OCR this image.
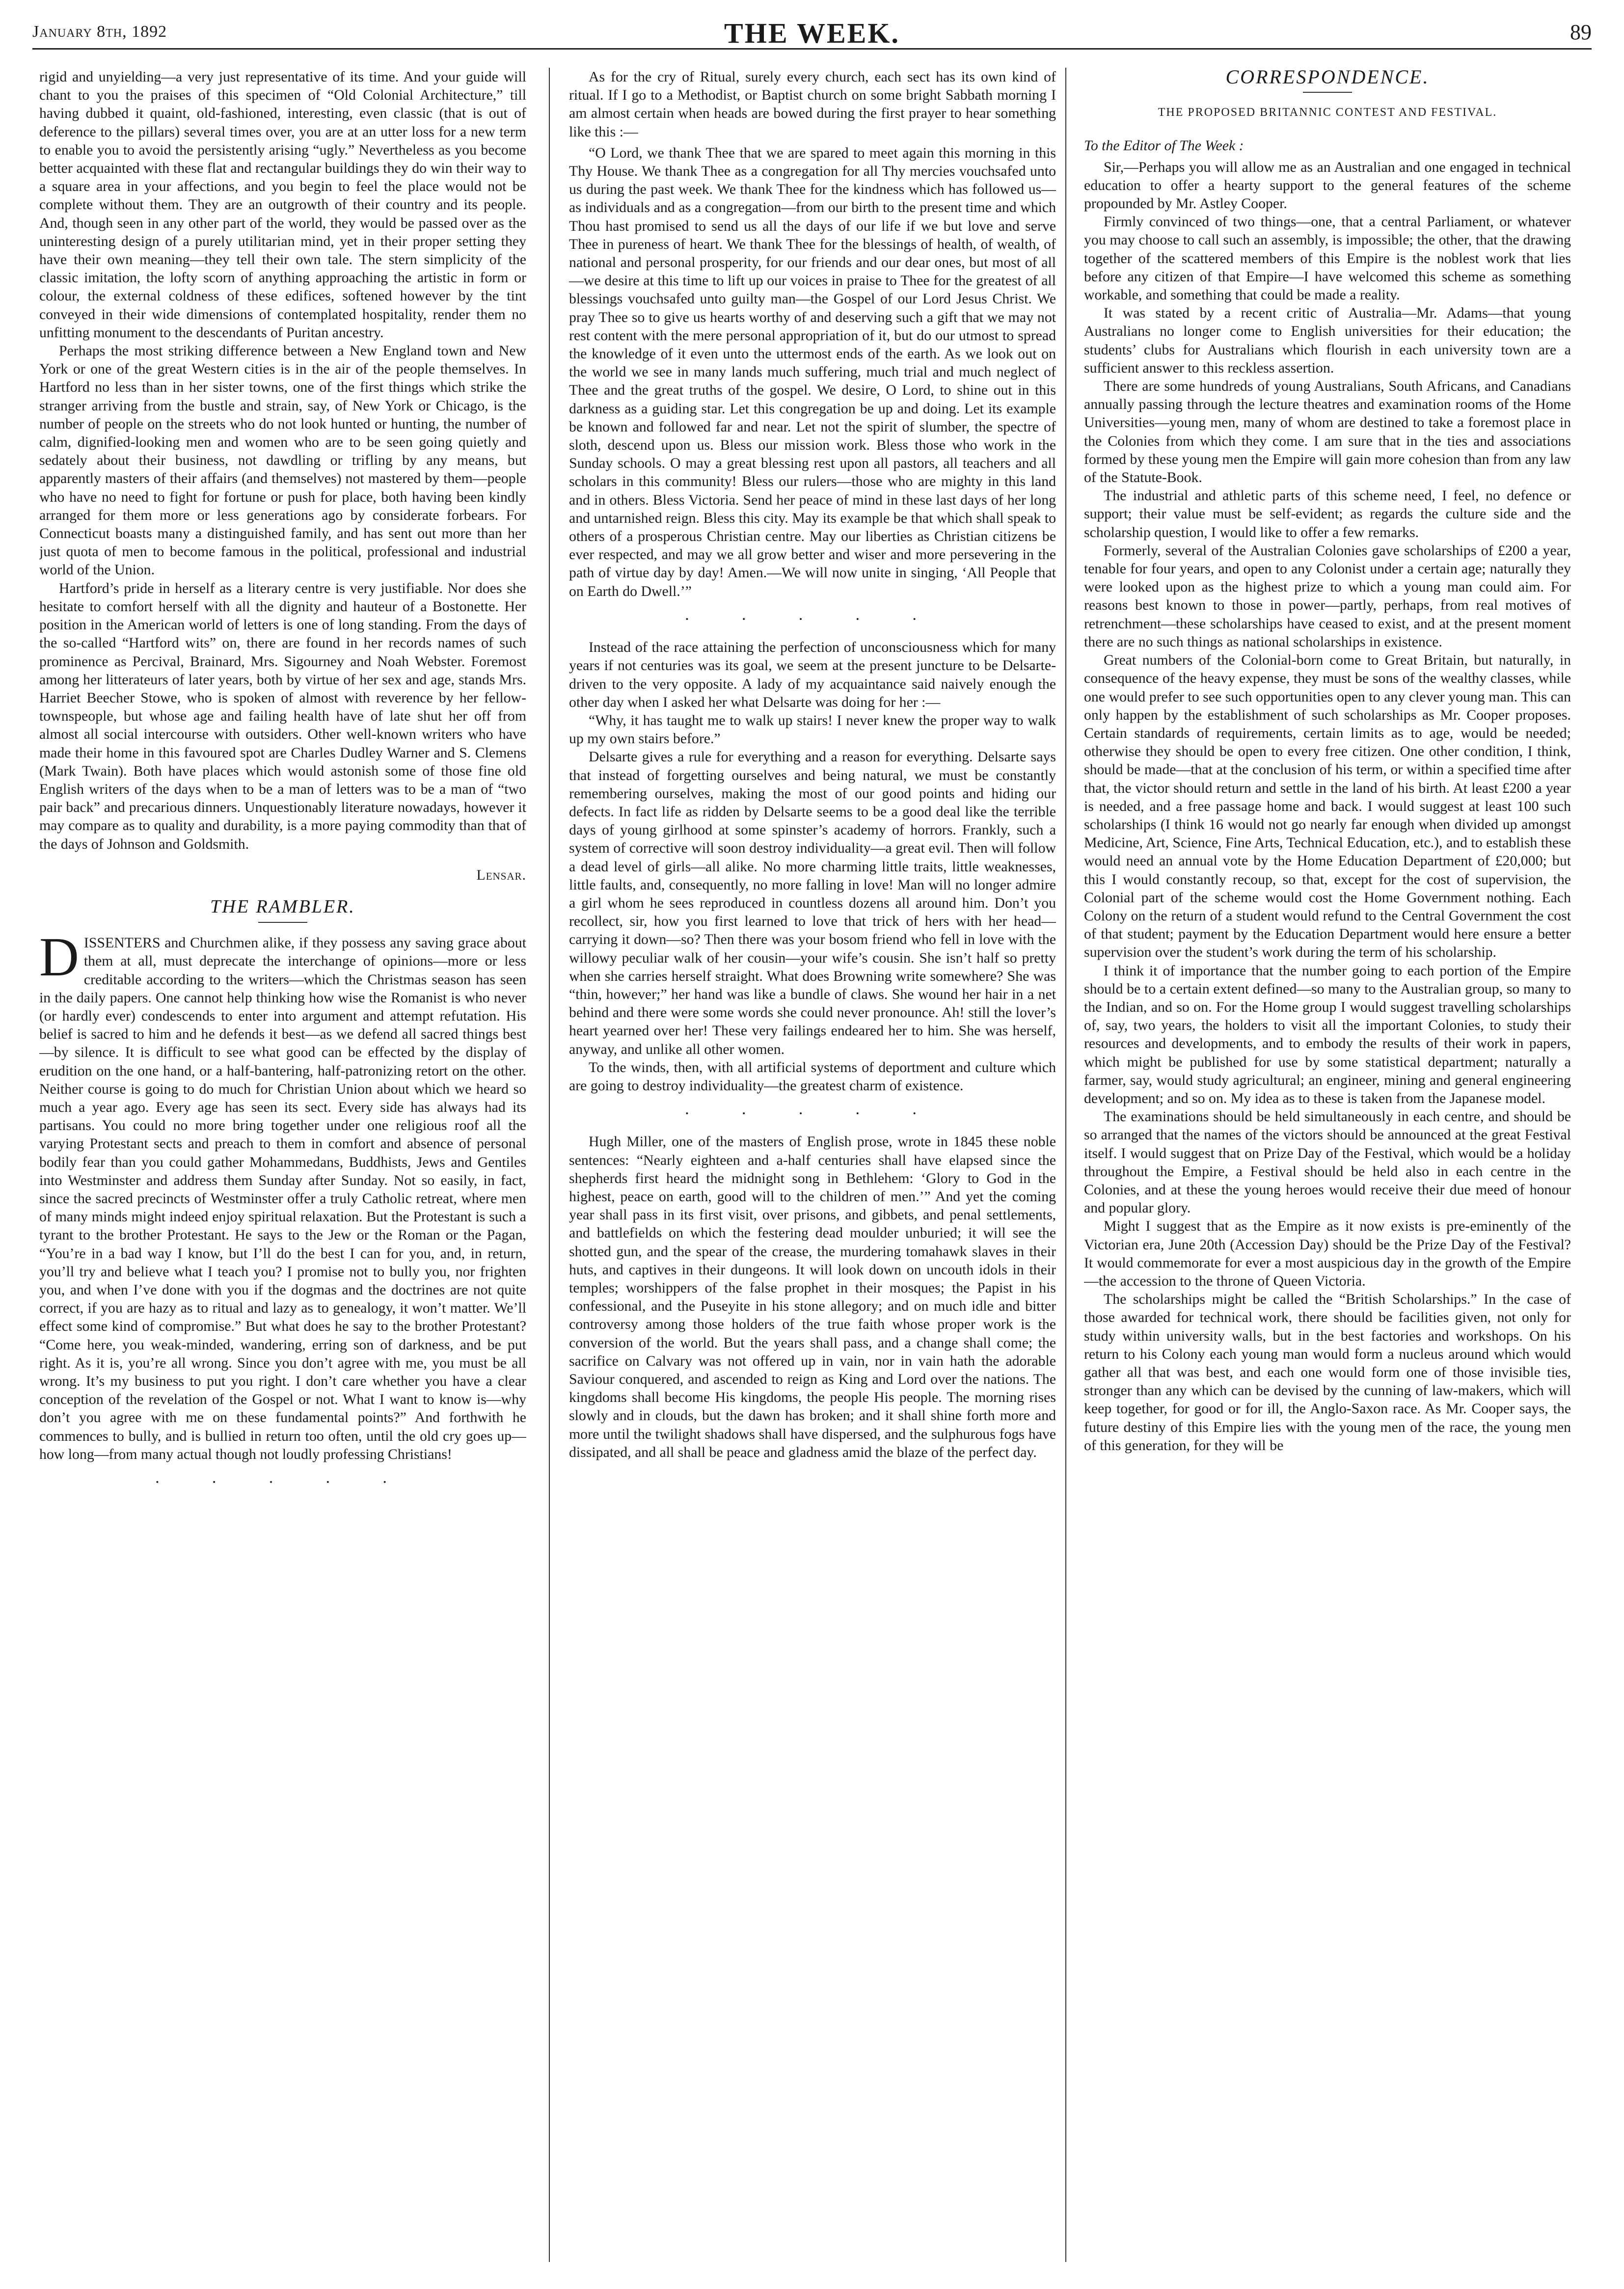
January 8th, 1892	THE WEEK.	89

rigid and unyielding—a very just representative of its time. And your guide will chant to you the praises of this specimen of “Old Colonial Architecture,” till having dubbed it quaint, old-fashioned, interesting, even classic (that is out of deference to the pillars) several times over, you are at an utter loss for a new term to enable you to avoid the persistently arising “ugly.” Nevertheless as you become better acquainted with these flat and rectangular buildings they do win their way to a square area in your affections, and you begin to feel the place would not be complete without them. They are an outgrowth of their country and its people. And, though seen in any other part of the world, they would be passed over as the uninteresting design of a purely utilitarian mind, yet in their proper setting they have their own meaning—they tell their own tale. The stern simplicity of the classic imitation, the lofty scorn of anything approaching the artistic in form or colour, the external coldness of these edifices, softened however by the tint conveyed in their wide dimensions of contemplated hospitality, render them no unfitting monument to the descendants of Puritan ancestry.

Perhaps the most striking difference between a New England town and New York or one of the great Western cities is in the air of the people themselves. In Hartford no less than in her sister towns, one of the first things which strike the stranger arriving from the bustle and strain, say, of New York or Chicago, is the number of people on the streets who do not look hunted or hunting, the number of calm, dignified-looking men and women who are to be seen going quietly and sedately about their business, not dawdling or trifling by any means, but apparently masters of their affairs (and themselves) not mastered by them—people who have no need to fight for fortune or push for place, both having been kindly arranged for them more or less generations ago by considerate forbears. For Connecticut boasts many a distinguished family, and has sent out more than her just quota of men to become famous in the political, professional and industrial world of the Union.

Hartford’s pride in herself as a literary centre is very justifiable. Nor does she hesitate to comfort herself with all the dignity and hauteur of a Bostonette. Her position in the American world of letters is one of long standing. From the days of the so-called “Hartford wits” on, there are found in her records names of such prominence as Percival, Brainard, Mrs. Sigourney and Noah Webster. Foremost among her litterateurs of later years, both by virtue of her sex and age, stands Mrs. Harriet Beecher Stowe, who is spoken of almost with reverence by her fellow-townspeople, but whose age and failing health have of late shut her off from almost all social intercourse with outsiders. Other well-known writers who have made their home in this favoured spot are Charles Dudley Warner and S. Clemens (Mark Twain). Both have places which would astonish some of those fine old English writers of the days when to be a man of letters was to be a man of “two pair back” and precarious dinners. Unquestionably literature nowadays, however it may compare as to quality and durability, is a more paying commodity than that of the days of Johnson and Goldsmith.

Lensar.

THE RAMBLER.

DISSENTERS and Churchmen alike, if they possess any saving grace about them at all, must deprecate the interchange of opinions—more or less creditable according to the writers—which the Christmas season has seen in the daily papers. One cannot help thinking how wise the Romanist is who never (or hardly ever) condescends to enter into argument and attempt refutation. His belief is sacred to him and he defends it best—as we defend all sacred things best—by silence. It is difficult to see what good can be effected by the display of erudition on the one hand, or a half-bantering, half-patronizing retort on the other. Neither course is going to do much for Christian Union about which we heard so much a year ago. Every age has seen its sect. Every side has always had its partisans. You could no more bring together under one religious roof all the varying Protestant sects and preach to them in comfort and absence of personal bodily fear than you could gather Mohammedans, Buddhists, Jews and Gentiles into Westminster and address them Sunday after Sunday. Not so easily, in fact, since the sacred precincts of Westminster offer a truly Catholic retreat, where men of many minds might indeed enjoy spiritual relaxation. But the Protestant is such a tyrant to the brother Protestant. He says to the Jew or the Roman or the Pagan, “You’re in a bad way I know, but I’ll do the best I can for you, and, in return, you’ll try and believe what I teach you? I promise not to bully you, nor frighten you, and when I’ve done with you if the dogmas and the doctrines are not quite correct, if you are hazy as to ritual and lazy as to genealogy, it won’t matter. We’ll effect some kind of compromise.” But what does he say to the brother Protestant? “Come here, you weak-minded, wandering, erring son of darkness, and be put right. As it is, you’re all wrong. Since you don’t agree with me, you must be all wrong. It’s my business to put you right. I don’t care whether you have a clear conception of the revelation of the Gospel or not. What I want to know is—why don’t you agree with me on these fundamental points?” And forthwith he commences to bully, and is bullied in return too often, until the old cry goes up—how long—from many actual though not loudly professing Christians!

· · · · ·

As for the cry of Ritual, surely every church, each sect has its own kind of ritual. If I go to a Methodist, or Baptist church on some bright Sabbath morning I am almost certain when heads are bowed during the first prayer to hear something like this :—

“O Lord, we thank Thee that we are spared to meet again this morning in this Thy House. We thank Thee as a congregation for all Thy mercies vouchsafed unto us during the past week. We thank Thee for the kindness which has followed us—as individuals and as a congregation—from our birth to the present time and which Thou hast promised to send us all the days of our life if we but love and serve Thee in pureness of heart. We thank Thee for the blessings of health, of wealth, of national and personal prosperity, for our friends and our dear ones, but most of all—we desire at this time to lift up our voices in praise to Thee for the greatest of all blessings vouchsafed unto guilty man—the Gospel of our Lord Jesus Christ. We pray Thee so to give us hearts worthy of and deserving such a gift that we may not rest content with the mere personal appropriation of it, but do our utmost to spread the knowledge of it even unto the uttermost ends of the earth. As we look out on the world we see in many lands much suffering, much trial and much neglect of Thee and the great truths of the gospel. We desire, O Lord, to shine out in this darkness as a guiding star. Let this congregation be up and doing. Let its example be known and followed far and near. Let not the spirit of slumber, the spectre of sloth, descend upon us. Bless our mission work. Bless those who work in the Sunday schools. O may a great blessing rest upon all pastors, all teachers and all scholars in this community! Bless our rulers—those who are mighty in this land and in others. Bless Victoria. Send her peace of mind in these last days of her long and untarnished reign. Bless this city. May its example be that which shall speak to others of a prosperous Christian centre. May our liberties as Christian citizens be ever respected, and may we all grow better and wiser and more persevering in the path of virtue day by day! Amen.—We will now unite in singing, ‘All People that on Earth do Dwell.’”

· · · · ·

Instead of the race attaining the perfection of unconsciousness which for many years if not centuries was its goal, we seem at the present juncture to be Delsarte-driven to the very opposite. A lady of my acquaintance said naively enough the other day when I asked her what Delsarte was doing for her :—

“Why, it has taught me to walk up stairs! I never knew the proper way to walk up my own stairs before.”

Delsarte gives a rule for everything and a reason for everything. Delsarte says that instead of forgetting ourselves and being natural, we must be constantly remembering ourselves, making the most of our good points and hiding our defects. In fact life as ridden by Delsarte seems to be a good deal like the terrible days of young girlhood at some spinster’s academy of horrors. Frankly, such a system of corrective will soon destroy individuality—a great evil. Then will follow a dead level of girls—all alike. No more charming little traits, little weaknesses, little faults, and, consequently, no more falling in love! Man will no longer admire a girl whom he sees reproduced in countless dozens all around him. Don’t you recollect, sir, how you first learned to love that trick of hers with her head—carrying it down—so? Then there was your bosom friend who fell in love with the willowy peculiar walk of her cousin—your wife’s cousin. She isn’t half so pretty when she carries herself straight. What does Browning write somewhere? She was “thin, however;” her hand was like a bundle of claws. She wound her hair in a net behind and there were some words she could never pronounce. Ah! still the lover’s heart yearned over her! These very failings endeared her to him. She was herself, anyway, and unlike all other women.

To the winds, then, with all artificial systems of deportment and culture which are going to destroy individuality—the greatest charm of existence.

· · · · ·

Hugh Miller, one of the masters of English prose, wrote in 1845 these noble sentences: “Nearly eighteen and a-half centuries shall have elapsed since the shepherds first heard the midnight song in Bethlehem: ‘Glory to God in the highest, peace on earth, good will to the children of men.’” And yet the coming year shall pass in its first visit, over prisons, and gibbets, and penal settlements, and battlefields on which the festering dead moulder unburied; it will see the shotted gun, and the spear of the crease, the murdering tomahawk slaves in their huts, and captives in their dungeons. It will look down on uncouth idols in their temples; worshippers of the false prophet in their mosques; the Papist in his confessional, and the Puseyite in his stone allegory; and on much idle and bitter controversy among those holders of the true faith whose proper work is the conversion of the world. But the years shall pass, and a change shall come; the sacrifice on Calvary was not offered up in vain, nor in vain hath the adorable Saviour conquered, and ascended to reign as King and Lord over the nations. The kingdoms shall become His kingdoms, the people His people. The morning rises slowly and in clouds, but the dawn has broken; and it shall shine forth more and more until the twilight shadows shall have dispersed, and the sulphurous fogs have dissipated, and all shall be peace and gladness amid the blaze of the perfect day.

CORRESPONDENCE.
THE PROPOSED BRITANNIC CONTEST AND FESTIVAL.

To the Editor of The Week :

Sir,—Perhaps you will allow me as an Australian and one engaged in technical education to offer a hearty support to the general features of the scheme propounded by Mr. Astley Cooper.

Firmly convinced of two things—one, that a central Parliament, or whatever you may choose to call such an assembly, is impossible; the other, that the drawing together of the scattered members of this Empire is the noblest work that lies before any citizen of that Empire—I have welcomed this scheme as something workable, and something that could be made a reality.

It was stated by a recent critic of Australia—Mr. Adams—that young Australians no longer come to English universities for their education; the students’ clubs for Australians which flourish in each university town are a sufficient answer to this reckless assertion.

There are some hundreds of young Australians, South Africans, and Canadians annually passing through the lecture theatres and examination rooms of the Home Universities—young men, many of whom are destined to take a foremost place in the Colonies from which they come. I am sure that in the ties and associations formed by these young men the Empire will gain more cohesion than from any law of the Statute-Book.

The industrial and athletic parts of this scheme need, I feel, no defence or support; their value must be self-evident; as regards the culture side and the scholarship question, I would like to offer a few remarks.

Formerly, several of the Australian Colonies gave scholarships of £200 a year, tenable for four years, and open to any Colonist under a certain age; naturally they were looked upon as the highest prize to which a young man could aim. For reasons best known to those in power—partly, perhaps, from real motives of retrenchment—these scholarships have ceased to exist, and at the present moment there are no such things as national scholarships in existence.

Great numbers of the Colonial-born come to Great Britain, but naturally, in consequence of the heavy expense, they must be sons of the wealthy classes, while one would prefer to see such opportunities open to any clever young man. This can only happen by the establishment of such scholarships as Mr. Cooper proposes. Certain standards of requirements, certain limits as to age, would be needed; otherwise they should be open to every free citizen. One other condition, I think, should be made—that at the conclusion of his term, or within a specified time after that, the victor should return and settle in the land of his birth. At least £200 a year is needed, and a free passage home and back. I would suggest at least 100 such scholarships (I think 16 would not go nearly far enough when divided up amongst Medicine, Art, Science, Fine Arts, Technical Education, etc.), and to establish these would need an annual vote by the Home Education Department of £20,000; but this I would constantly recoup, so that, except for the cost of supervision, the Colonial part of the scheme would cost the Home Government nothing. Each Colony on the return of a student would refund to the Central Government the cost of that student; payment by the Education Department would here ensure a better supervision over the student’s work during the term of his scholarship.

I think it of importance that the number going to each portion of the Empire should be to a certain extent defined—so many to the Australian group, so many to the Indian, and so on. For the Home group I would suggest travelling scholarships of, say, two years, the holders to visit all the important Colonies, to study their resources and developments, and to embody the results of their work in papers, which might be published for use by some statistical department; naturally a farmer, say, would study agricultural; an engineer, mining and general engineering development; and so on. My idea as to these is taken from the Japanese model.

The examinations should be held simultaneously in each centre, and should be so arranged that the names of the victors should be announced at the great Festival itself. I would suggest that on Prize Day of the Festival, which would be a holiday throughout the Empire, a Festival should be held also in each centre in the Colonies, and at these the young heroes would receive their due meed of honour and popular glory.

Might I suggest that as the Empire as it now exists is pre-eminently of the Victorian era, June 20th (Accession Day) should be the Prize Day of the Festival? It would commemorate for ever a most auspicious day in the growth of the Empire—the accession to the throne of Queen Victoria.

The scholarships might be called the “British Scholarships.” In the case of those awarded for technical work, there should be facilities given, not only for study within university walls, but in the best factories and workshops. On his return to his Colony each young man would form a nucleus around which would gather all that was best, and each one would form one of those invisible ties, stronger than any which can be devised by the cunning of law-makers, which will keep together, for good or for ill, the Anglo-Saxon race. As Mr. Cooper says, the future destiny of this Empire lies with the young men of the race, the young men of this generation, for they will be
